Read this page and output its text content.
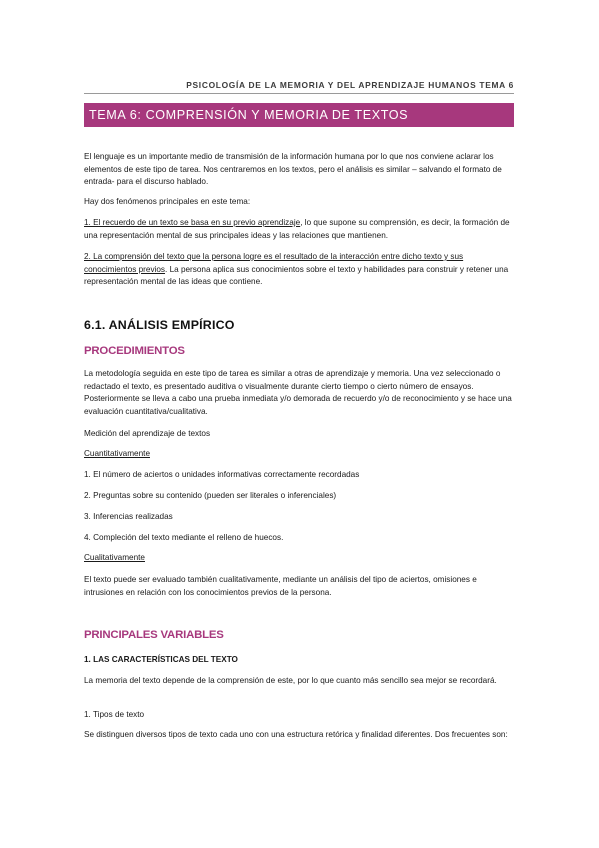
PSICOLOGÍA DE LA MEMORIA Y DEL APRENDIZAJE HUMANOS TEMA 6
TEMA 6: COMPRENSIÓN Y MEMORIA DE TEXTOS
El lenguaje es un importante medio de transmisión de la información humana por lo que nos conviene aclarar los elementos de este tipo de tarea. Nos centraremos en los textos, pero el análisis es similar – salvando el formato de entrada- para el discurso hablado.
Hay dos fenómenos principales en este tema:
1. El recuerdo de un texto se basa en su previo aprendizaje, lo que supone su comprensión, es decir, la formación de una representación mental de sus principales ideas y las relaciones que mantienen.
2. La comprensión del texto que la persona logre es el resultado de la interacción entre dicho texto y sus conocimientos previos. La persona aplica sus conocimientos sobre el texto y habilidades para construir y retener una representación mental de las ideas que contiene.
6.1. ANÁLISIS EMPÍRICO
PROCEDIMIENTOS
La metodología seguida en este tipo de tarea es similar a otras de aprendizaje y memoria. Una vez seleccionado o redactado el texto, es presentado auditiva o visualmente durante cierto tiempo o cierto número de ensayos. Posteriormente se lleva a cabo una prueba inmediata y/o demorada de recuerdo y/o de reconocimiento y se hace una evaluación cuantitativa/cualitativa.
Medición del aprendizaje de textos
Cuantitativamente
1. El número de aciertos o unidades informativas correctamente recordadas
2. Preguntas sobre su contenido (pueden ser literales o inferenciales)
3. Inferencias realizadas
4. Compleción del texto mediante el relleno de huecos.
Cualitativamente
El texto puede ser evaluado también cualitativamente, mediante un análisis del tipo de aciertos, omisiones e intrusiones en relación con los conocimientos previos de la persona.
PRINCIPALES VARIABLES
1. LAS CARACTERÍSTICAS DEL TEXTO
La memoria del texto depende de la comprensión de este, por lo que cuanto más sencillo sea mejor se recordará.
1. Tipos de texto
Se distinguen diversos tipos de texto cada uno con una estructura retórica y finalidad diferentes. Dos frecuentes son:
